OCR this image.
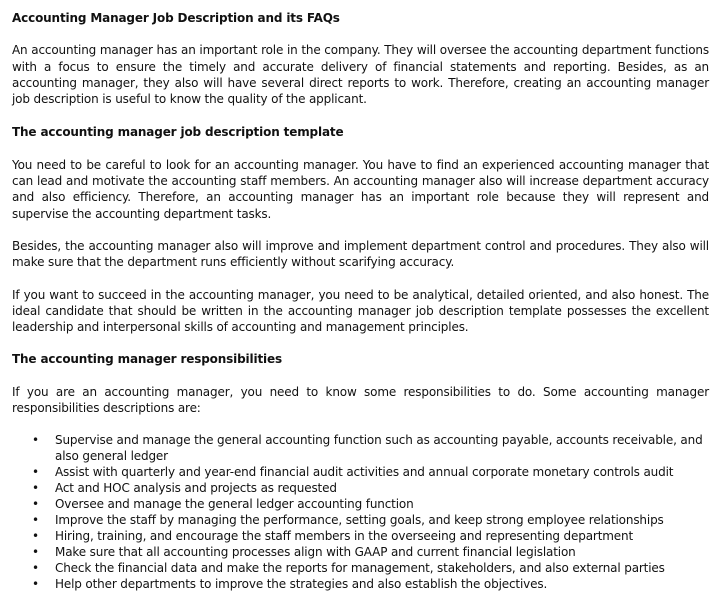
Accounting Manager Job Description and its FAQs

An accounting manager has an important role in the company. They will oversee the accounting department functions with a focus to ensure the timely and accurate delivery of financial statements and reporting. Besides, as an accounting manager, they also will have several direct reports to work. Therefore, creating an accounting manager job description is useful to know the quality of the applicant.

The accounting manager job description template

You need to be careful to look for an accounting manager. You have to find an experienced accounting manager that can lead and motivate the accounting staff members. An accounting manager also will increase department accuracy and also efficiency. Therefore, an accounting manager has an important role because they will represent and supervise the accounting department tasks.

Besides, the accounting manager also will improve and implement department control and procedures. They also will make sure that the department runs efficiently without scarifying accuracy.

If you want to succeed in the accounting manager, you need to be analytical, detailed oriented, and also honest. The ideal candidate that should be written in the accounting manager job description template possesses the excellent leadership and interpersonal skills of accounting and management principles.

The accounting manager responsibilities

If you are an accounting manager, you need to know some responsibilities to do. Some accounting manager responsibilities descriptions are:

• Supervise and manage the general accounting function such as accounting payable, accounts receivable, and also general ledger
• Assist with quarterly and year-end financial audit activities and annual corporate monetary controls audit
• Act and HOC analysis and projects as requested
• Oversee and manage the general ledger accounting function
• Improve the staff by managing the performance, setting goals, and keep strong employee relationships
• Hiring, training, and encourage the staff members in the overseeing and representing department
• Make sure that all accounting processes align with GAAP and current financial legislation
• Check the financial data and make the reports for management, stakeholders, and also external parties
• Help other departments to improve the strategies and also establish the objectives.
